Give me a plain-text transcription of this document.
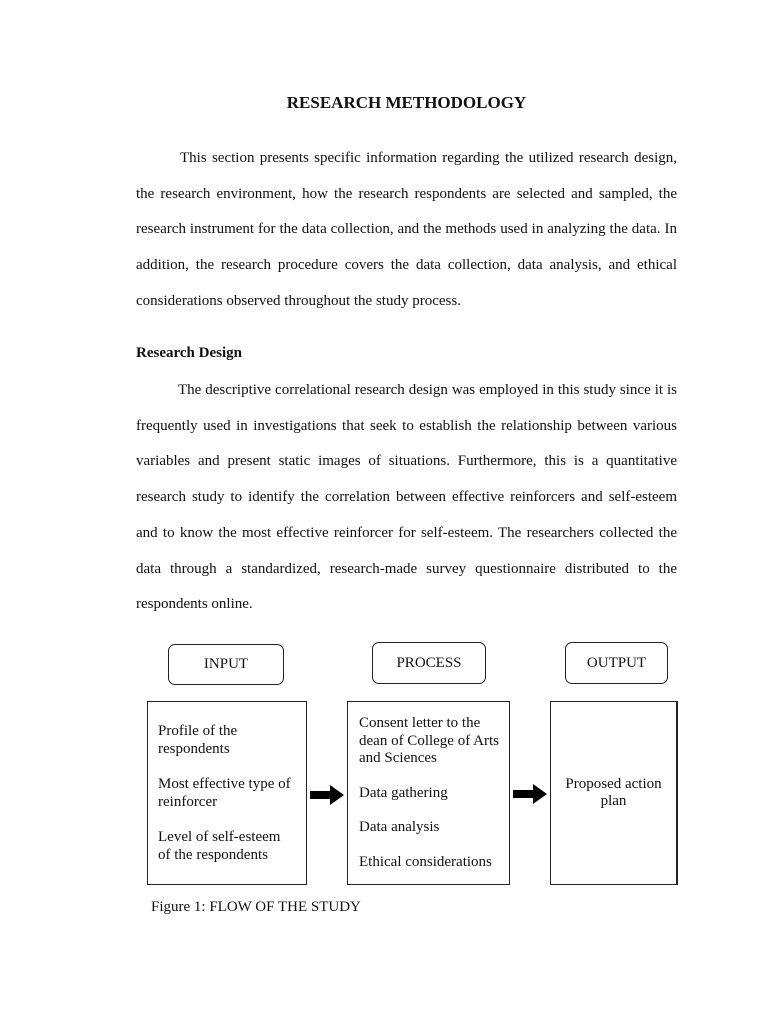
RESEARCH METHODOLOGY

This section presents specific information regarding the utilized research design, the research environment, how the research respondents are selected and sampled, the research instrument for the data collection, and the methods used in analyzing the data. In addition, the research procedure covers the data collection, data analysis, and ethical considerations observed throughout the study process.

Research Design

The descriptive correlational research design was employed in this study since it is frequently used in investigations that seek to establish the relationship between various variables and present static images of situations. Furthermore, this is a quantitative research study to identify the correlation between effective reinforcers and self-esteem and to know the most effective reinforcer for self-esteem. The researchers collected the data through a standardized, research-made survey questionnaire distributed to the respondents online.

INPUT	PROCESS	OUTPUT

Profile of the respondents

Most effective type of reinforcer

Level of self-esteem of the respondents

Consent letter to the dean of College of Arts and Sciences

Data gathering

Data analysis

Ethical considerations

Proposed action plan

Figure 1: FLOW OF THE STUDY
